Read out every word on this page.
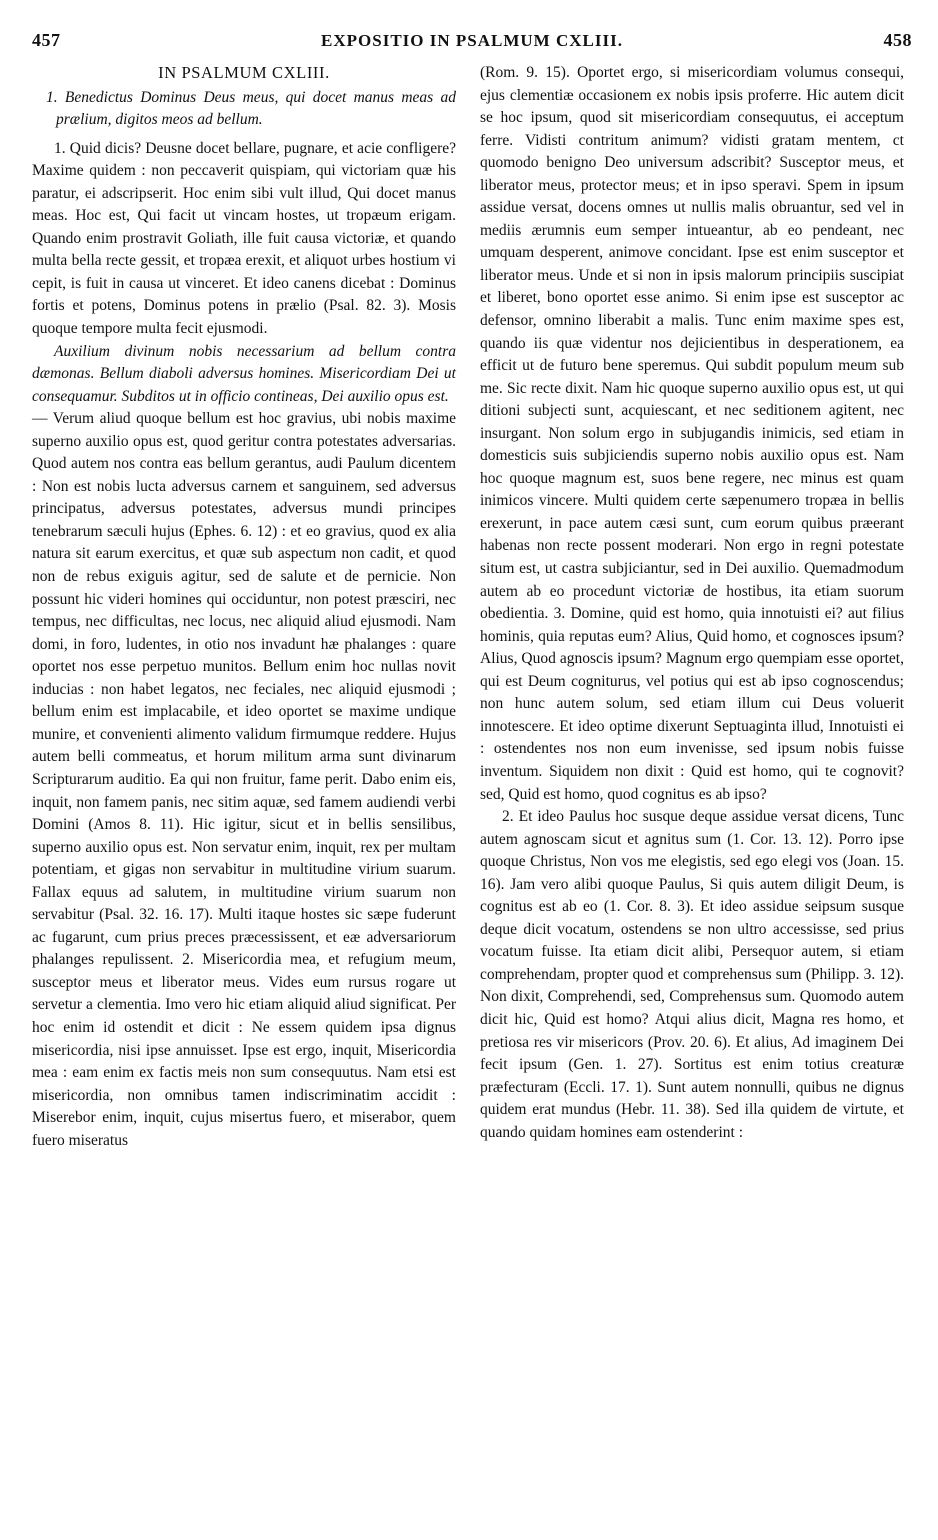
457	EXPOSITIO IN PSALMUM CXLIII.	458
IN PSALMUM CXLIII.
1. Benedictus Dominus Deus meus, qui docet manus meas ad prælium, digitos meos ad bellum.

1. Quid dicis? Deusne docet bellare, pugnare, et acie confligere? Maxime quidem : non peccaverit quispiam, qui victoriam quæ his paratur, ei adscripserit. Hoc enim sibi vult illud, Qui docet manus meas. Hoc est, Qui facit ut vincam hostes, ut tropæum erigam. Quando enim prostravit Goliath, ille fuit causa victoriæ, et quando multa bella recte gessit, et tropæa erexit, et aliquot urbes hostium vi cepit, is fuit in causa ut vinceret. Et ideo canens dicebat : Dominus fortis et potens, Dominus potens in prælio (Psal. 82. 3). Mosis quoque tempore multa fecit ejusmodi.

Auxilium divinum nobis necessarium ad bellum contra dæmonas. Bellum diaboli adversus homines. Misericordiam Dei ut consequamur. Subditos ut in officio contineas, Dei auxilio opus est.

— Verum aliud quoque bellum est hoc gravius, ubi nobis maxime superno auxilio opus est, quod geritur contra potestates adversarias. Quod autem nos contra eas bellum gerantus, audi Paulum dicentem : Non est nobis lucta adversus carnem et sanguinem, sed adversus principatus, adversus potestates, adversus mundi principes tenebrarum sæculi hujus (Ephes. 6. 12) : et eo gravius, quod ex alia natura sit earum exercitus, et quæ sub aspectum non cadit, et quod non de rebus exiguis agitur, sed de salute et de pernicie. Non possunt hic videri homines qui occiduntur, non potest præsciri, nec tempus, nec difficultas, nec locus, nec aliquid aliud ejusmodi. Nam domi, in foro, ludentes, in otio nos invadunt hæ phalanges : quare oportet nos esse perpetuo munitos. Bellum enim hoc nullas novit inducias : non habet legatos, nec feciales, nec aliquid ejusmodi ; bellum enim est implacabile, et ideo oportet se maxime undique munire, et convenienti alimento validum firmumque reddere. Hujus autem belli commeatus, et horum militum arma sunt divinarum Scripturarum auditio. Ea qui non fruitur, fame perit. Dabo enim eis, inquit, non famem panis, nec sitim aquæ, sed famem audiendi verbi Domini (Amos 8. 11). Hic igitur, sicut et in bellis sensilibus, superno auxilio opus est. Non servatur enim, inquit, rex per multam potentiam, et gigas non servabitur in multitudine virium suarum. Fallax equus ad salutem, in multitudine virium suarum non servabitur (Psal. 32. 16. 17). Multi itaque hostes sic sæpe fuderunt ac fugarunt, cum prius preces præcessissent, et eæ adversariorum phalanges repulissent. 2. Misericordia mea, et refugium meum, susceptor meus et liberator meus. Vides eum rursus rogare ut servetur a clementia. Imo vero hic etiam aliquid aliud significat. Per hoc enim id ostendit et dicit : Ne essem quidem ipsa dignus misericordia, nisi ipse annuisset. Ipse est ergo, inquit, Misericordia mea : eam enim ex factis meis non sum consequutus. Nam etsi est misericordia, non omnibus tamen indiscriminatim accidit : Miserebor enim, inquit, cujus misertus fuero, et miserabor, quem fuero miseratus

(Rom. 9. 15). Oportet ergo, si misericordiam volumus consequi, ejus clementiæ occasionem ex nobis ipsis proferre. Hic autem dicit se hoc ipsum, quod sit misericordiam consequutus, ei acceptum ferre. Vidisti contritum animum? vidisti gratam mentem, ct quomodo benigno Deo universum adscribit? Susceptor meus, et liberator meus, protector meus; et in ipso speravi. Spem in ipsum assidue versat, docens omnes ut nullis malis obruantur, sed vel in mediis ærumnis eum semper intueantur, ab eo pendeant, nec umquam desperent, animove concidant. Ipse est enim susceptor et liberator meus. Unde et si non in ipsis malorum principiis suscipiat et liberet, bono oportet esse animo. Si enim ipse est susceptor ac defensor, omnino liberabit a malis. Tunc enim maxime spes est, quando iis quæ videntur nos dejicientibus in desperationem, ea efficit ut de futuro bene speremus. Qui subdit populum meum sub me. Sic recte dixit. Nam hic quoque superno auxilio opus est, ut qui ditioni subjecti sunt, acquiescant, et nec seditionem agitent, nec insurgant. Non solum ergo in subjugandis inimicis, sed etiam in domesticis suis subjiciendis superno nobis auxilio opus est. Nam hoc quoque magnum est, suos bene regere, nec minus est quam inimicos vincere. Multi quidem certe sæpenumero tropæa in bellis erexerunt, in pace autem cæsi sunt, cum eorum quibus præerant habenas non recte possent moderari. Non ergo in regni potestate situm est, ut castra subjiciantur, sed in Dei auxilio. Quemadmodum autem ab eo procedunt victoriæ de hostibus, ita etiam suorum obedientia. 3. Domine, quid est homo, quia innotuisti ei? aut filius hominis, quia reputas eum? Alius, Quid homo, et cognosces ipsum? Alius, Quod agnoscis ipsum? Magnum ergo quempiam esse oportet, qui est Deum cogniturus, vel potius qui est ab ipso cognoscendus; non hunc autem solum, sed etiam illum cui Deus voluerit innotescere. Et ideo optime dixerunt Septuaginta illud, Innotuisti ei : ostendentes nos non eum invenisse, sed ipsum nobis fuisse inventum. Siquidem non dixit : Quid est homo, qui te cognovit? sed, Quid est homo, quod cognitus es ab ipso?

2. Et ideo Paulus hoc susque deque assidue versat dicens, Tunc autem agnoscam sicut et agnitus sum (1. Cor. 13. 12). Porro ipse quoque Christus, Non vos me elegistis, sed ego elegi vos (Joan. 15. 16). Jam vero alibi quoque Paulus, Si quis autem diligit Deum, is cognitus est ab eo (1. Cor. 8. 3). Et ideo assidue seipsum susque deque dicit vocatum, ostendens se non ultro accessisse, sed prius vocatum fuisse. Ita etiam dicit alibi, Persequor autem, si etiam comprehendam, propter quod et comprehensus sum (Philipp. 3. 12). Non dixit, Comprehendi, sed, Comprehensus sum. Quomodo autem dicit hic, Quid est homo? Atqui alius dicit, Magna res homo, et pretiosa res vir misericors (Prov. 20. 6). Et alius, Ad imaginem Dei fecit ipsum (Gen. 1. 27). Sortitus est enim totius creaturæ præfecturam (Eccli. 17. 1). Sunt autem nonnulli, quibus ne dignus quidem erat mundus (Hebr. 11. 38). Sed illa quidem de virtute, et quando quidam homines eam ostenderint :
